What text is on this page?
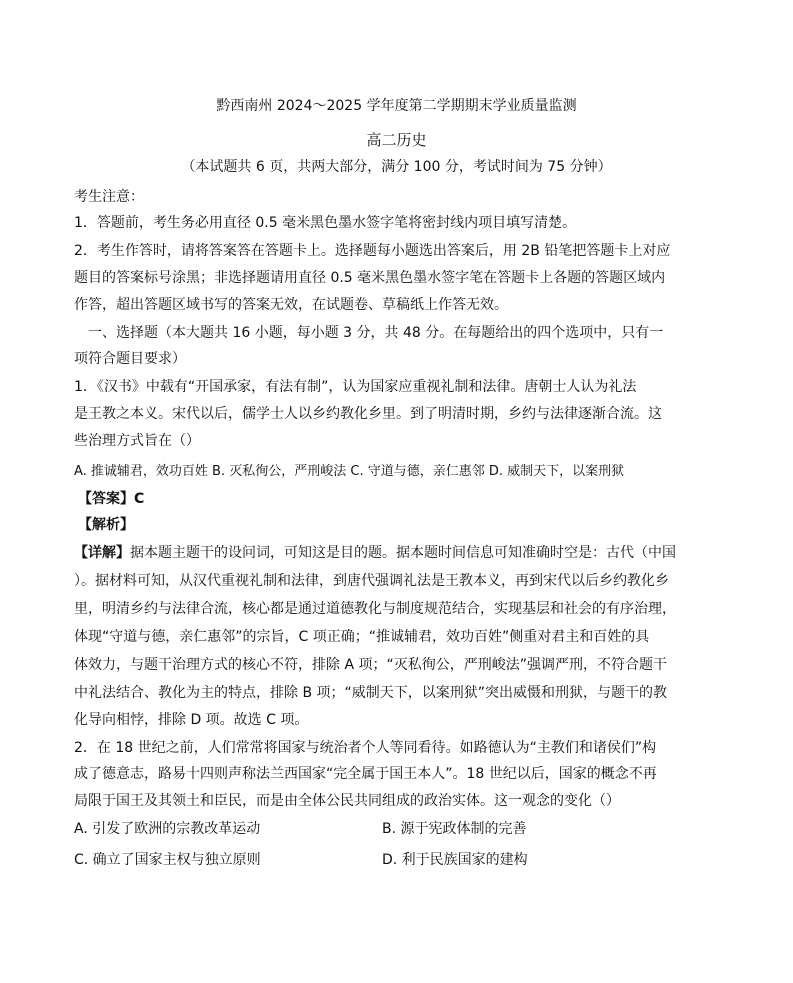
黔西南州 2024～2025 学年度第二学期期末学业质量监测
高二历史
（本试题共 6 页，共两大部分，满分 100 分，考试时间为 75 分钟）
考生注意：
1．答题前，考生务必用直径 0.5 毫米黑色墨水签字笔将密封线内项目填写清楚。
2．考生作答时，请将答案答在答题卡上。选择题每小题选出答案后，用 2B 铅笔把答题卡上对应
题目的答案标号涂黑；非选择题请用直径 0.5 毫米黑色墨水签字笔在答题卡上各题的答题区域内
作答，超出答题区域书写的答案无效，在试题卷、草稿纸上作答无效。
一、选择题（本大题共 16 小题，每小题 3 分，共 48 分。在每题给出的四个选项中，只有一
项符合题目要求）
1．《汉书》中载有“开国承家，有法有制”，认为国家应重视礼制和法律。唐朝士人认为礼法
是王教之本义。宋代以后，儒学士人以乡约教化乡里。到了明清时期，乡约与法律逐渐合流。这
些治理方式旨在（）
A. 推诚辅君，效功百姓 B. 灭私徇公，严刑峻法 C. 守道与德，亲仁惠邻 D. 威制天下，以案刑狱
【答案】C
【解析】
【详解】据本题主题干的设问词，可知这是目的题。据本题时间信息可知准确时空是：古代（中国
）。据材料可知，从汉代重视礼制和法律，到唐代强调礼法是王教本义，再到宋代以后乡约教化乡
里，明清乡约与法律合流，核心都是通过道德教化与制度规范结合，实现基层和社会的有序治理，
体现“守道与德，亲仁惠邻”的宗旨，C 项正确；“推诚辅君，效功百姓”侧重对君主和百姓的具
体效力，与题干治理方式的核心不符，排除 A 项；“灭私徇公，严刑峻法”强调严刑，不符合题干
中礼法结合、教化为主的特点，排除 B 项；“威制天下，以案刑狱”突出威慑和刑狱，与题干的教
化导向相悖，排除 D 项。故选 C 项。
2．在 18 世纪之前，人们常常将国家与统治者个人等同看待。如路德认为“主教们和诸侯们”构
成了德意志，路易十四则声称法兰西国家“完全属于国王本人”。18 世纪以后，国家的概念不再
局限于国王及其领土和臣民，而是由全体公民共同组成的政治实体。这一观念的变化（）
A. 引发了欧洲的宗教改革运动	B. 源于宪政体制的完善
C. 确立了国家主权与独立原则	D. 利于民族国家的建构
